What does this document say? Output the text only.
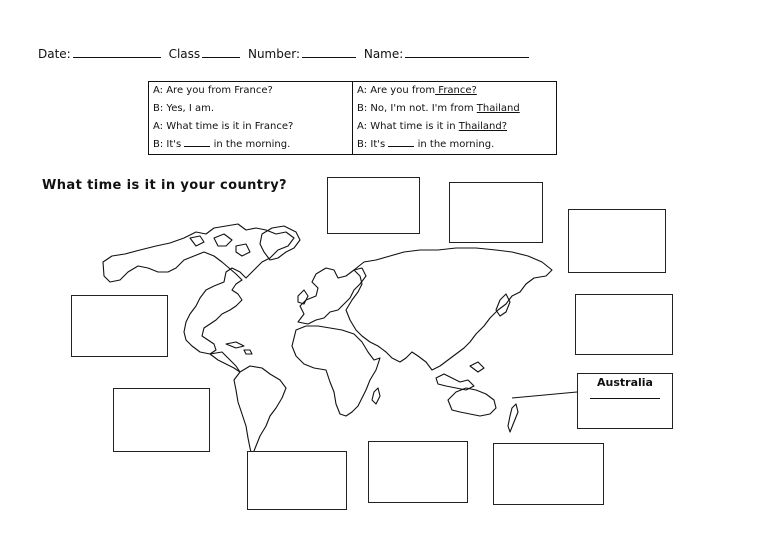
Date:	Class	Number:	Name:
A: Are you from France?	A: Are you from France?
B: Yes, I am.	B: No, I'm not. I'm from Thailand
A: What time is it in France?	A: What time is it in Thailand?
B: It's in the morning.	B: It's in the morning.
What time is it in your country?
Australia
